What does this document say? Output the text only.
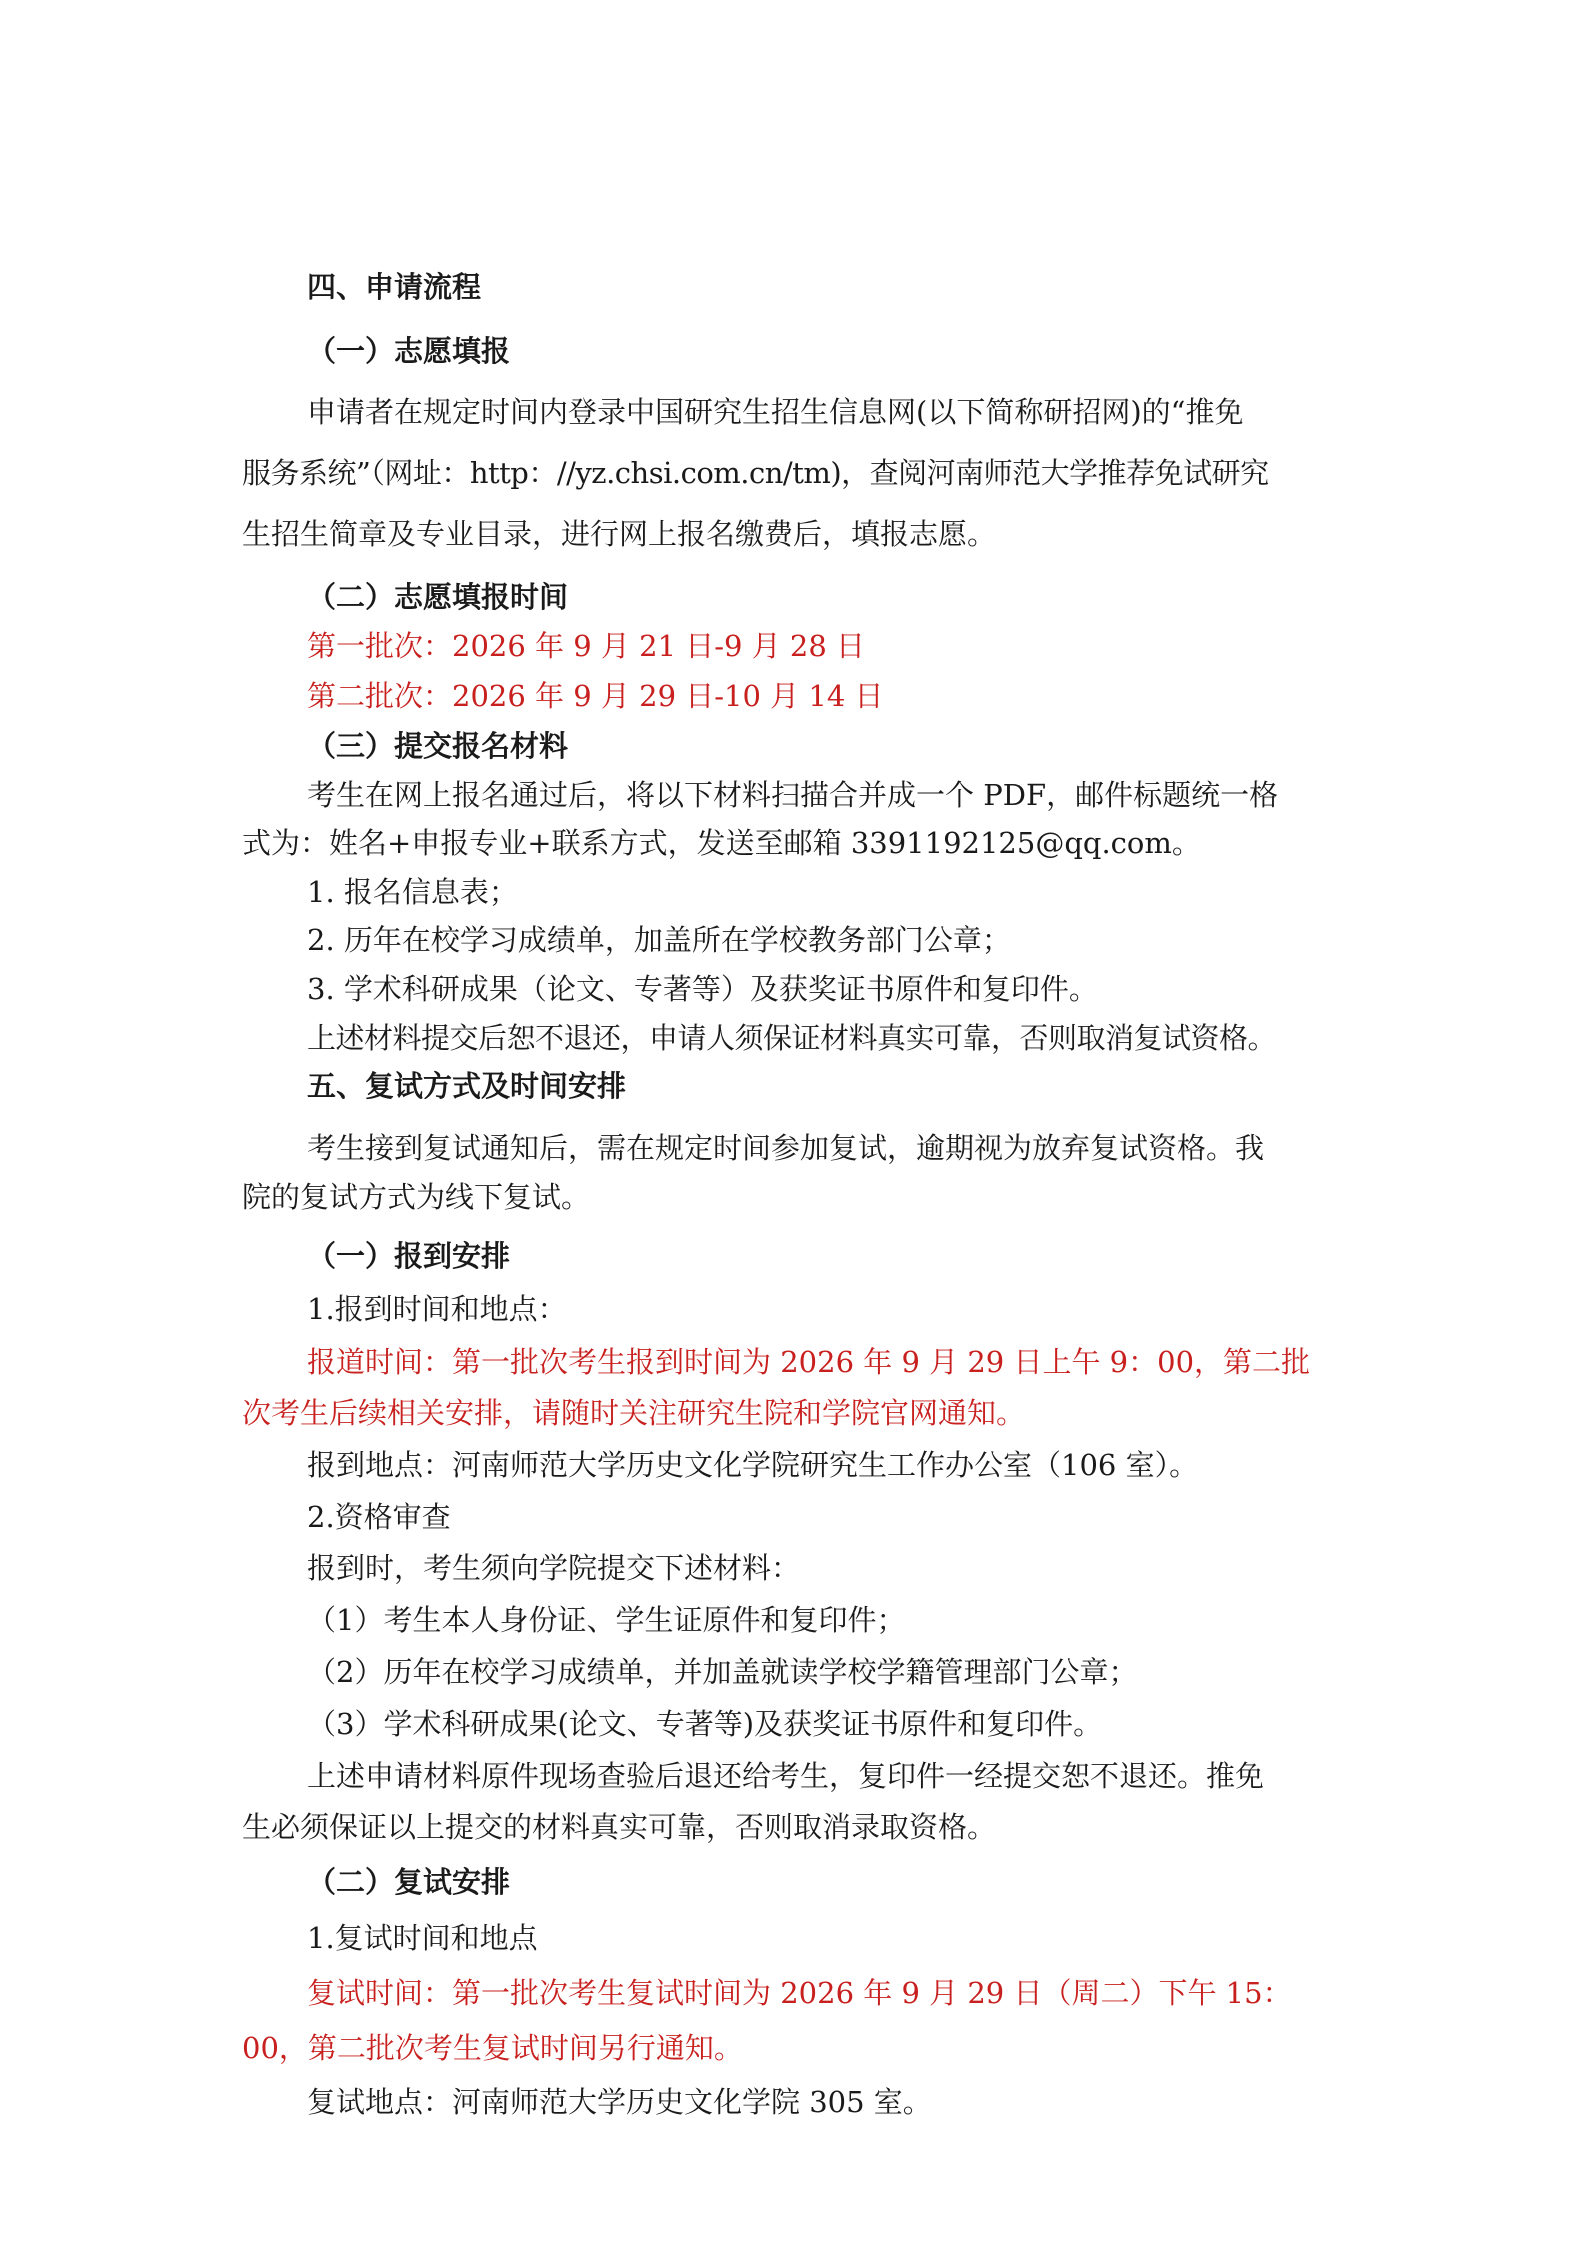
四、申请流程

（一）志愿填报

申请者在规定时间内登录中国研究生招生信息网(以下简称研招网)的“推免

服务系统”（网址：http：//yz.chsi.com.cn/tm)，查阅河南师范大学推荐免试研究

生招生简章及专业目录，进行网上报名缴费后，填报志愿。

（二）志愿填报时间

第一批次：2026 年 9 月 21 日-9 月 28 日

第二批次：2026 年 9 月 29 日-10 月 14 日

（三）提交报名材料

考生在网上报名通过后，将以下材料扫描合并成一个 PDF，邮件标题统一格

式为：姓名+申报专业+联系方式，发送至邮箱 3391192125@qq.com。

1. 报名信息表；

2. 历年在校学习成绩单，加盖所在学校教务部门公章；

3. 学术科研成果（论文、专著等）及获奖证书原件和复印件。

上述材料提交后恕不退还，申请人须保证材料真实可靠，否则取消复试资格。

五、复试方式及时间安排

考生接到复试通知后，需在规定时间参加复试，逾期视为放弃复试资格。我

院的复试方式为线下复试。

（一）报到安排

1.报到时间和地点：

报道时间：第一批次考生报到时间为 2026 年 9 月 29 日上午 9：00，第二批

次考生后续相关安排，请随时关注研究生院和学院官网通知。

报到地点：河南师范大学历史文化学院研究生工作办公室（106 室）。

2.资格审查

报到时，考生须向学院提交下述材料：

（1）考生本人身份证、学生证原件和复印件；

（2）历年在校学习成绩单，并加盖就读学校学籍管理部门公章；

（3）学术科研成果(论文、专著等)及获奖证书原件和复印件。

上述申请材料原件现场查验后退还给考生，复印件一经提交恕不退还。推免

生必须保证以上提交的材料真实可靠，否则取消录取资格。

（二）复试安排

1.复试时间和地点

复试时间：第一批次考生复试时间为 2026 年 9 月 29 日（周二）下午 15：

00，第二批次考生复试时间另行通知。

复试地点：河南师范大学历史文化学院 305 室。
